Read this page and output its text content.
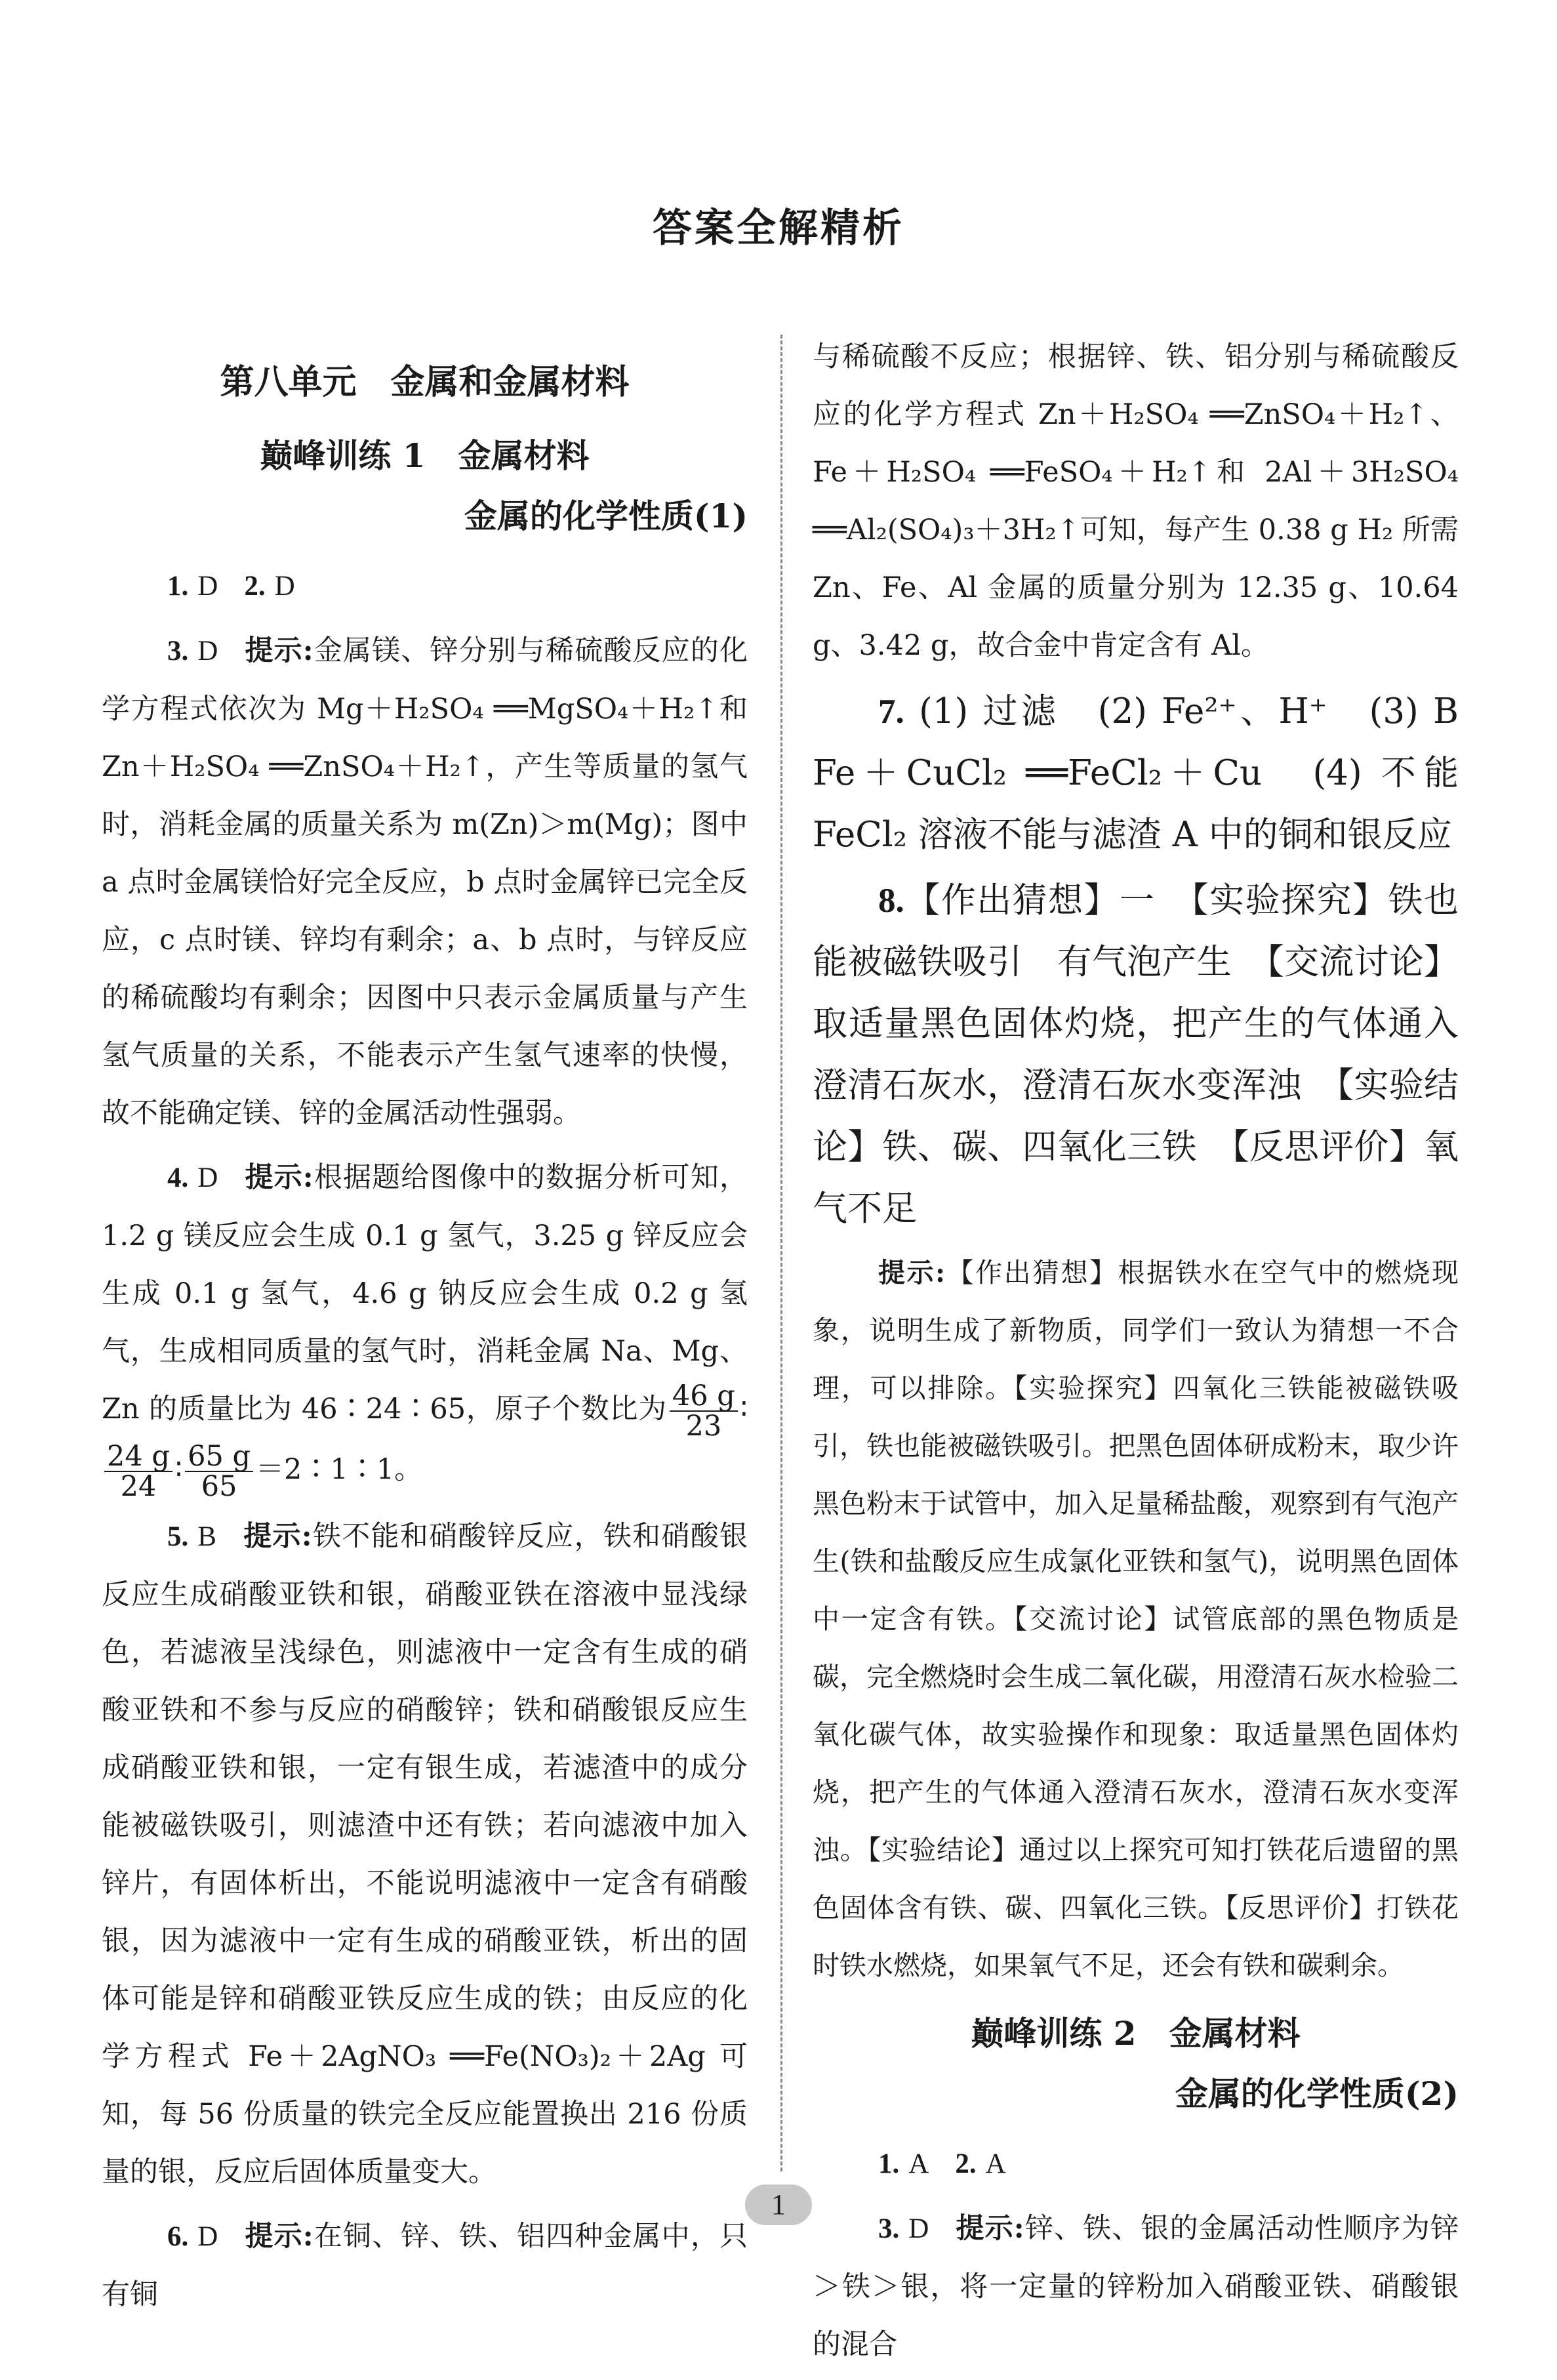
答案全解精析
第八单元　金属和金属材料
巅峰训练 1　金属材料
金属的化学性质(1)

1. D 2. D

3. D 提示:金属镁、锌分别与稀硫酸反应的化学方程式依次为 Mg＋H₂SO₄ ══MgSO₄＋H₂↑和 Zn＋H₂SO₄ ══ZnSO₄＋H₂↑，产生等质量的氢气时，消耗金属的质量关系为 m(Zn)＞m(Mg)；图中 a 点时金属镁恰好完全反应，b 点时金属锌已完全反应，c 点时镁、锌均有剩余；a、b 点时，与锌反应的稀硫酸均有剩余；因图中只表示金属质量与产生氢气质量的关系，不能表示产生氢气速率的快慢，故不能确定镁、锌的金属活动性强弱。

4. D 提示:根据题给图像中的数据分析可知，1.2 g 镁反应会生成 0.1 g 氢气，3.25 g 锌反应会生成 0.1 g 氢气，4.6 g 钠反应会生成 0.2 g 氢气，生成相同质量的氢气时，消耗金属 Na、Mg、Zn 的质量比为 46∶24∶65，原子个数比为 $\frac{46 g}{23}$ ∶
$\frac{24 g}{24}$ ∶ $\frac{65 g}{65}$ ＝2∶1∶1。

5. B 提示:铁不能和硝酸锌反应，铁和硝酸银反应生成硝酸亚铁和银，硝酸亚铁在溶液中显浅绿色，若滤液呈浅绿色，则滤液中一定含有生成的硝酸亚铁和不参与反应的硝酸锌；铁和硝酸银反应生成硝酸亚铁和银，一定有银生成，若滤渣中的成分能被磁铁吸引，则滤渣中还有铁；若向滤液中加入锌片，有固体析出，不能说明滤液中一定含有硝酸银，因为滤液中一定有生成的硝酸亚铁，析出的固体可能是锌和硝酸亚铁反应生成的铁；由反应的化学方程式 Fe＋2AgNO₃ ══Fe(NO₃)₂＋2Ag 可知，每 56 份质量的铁完全反应能置换出 216 份质量的银，反应后固体质量变大。

6. D 提示:在铜、锌、铁、铝四种金属中，只有铜

与稀硫酸不反应；根据锌、铁、铝分别与稀硫酸反应的化学方程式 Zn＋H₂SO₄ ══ZnSO₄＋H₂↑、Fe＋H₂SO₄ ══FeSO₄＋H₂↑和 2Al＋3H₂SO₄ ══Al₂(SO₄)₃＋3H₂↑可知，每产生 0.38 g H₂ 所需 Zn、Fe、Al 金属的质量分别为 12.35 g、10.64 g、3.42 g，故合金中肯定含有 Al。

7. (1) 过滤　(2) Fe²⁺、H⁺　(3) B　Fe＋CuCl₂ ══FeCl₂＋Cu　(4) 不能　FeCl₂ 溶液不能与滤渣 A 中的铜和银反应

8.【作出猜想】一　【实验探究】铁也能被磁铁吸引　有气泡产生　【交流讨论】取适量黑色固体灼烧，把产生的气体通入澄清石灰水，澄清石灰水变浑浊　【实验结论】铁、碳、四氧化三铁　【反思评价】氧气不足

提示:【作出猜想】根据铁水在空气中的燃烧现象，说明生成了新物质，同学们一致认为猜想一不合理，可以排除。【实验探究】四氧化三铁能被磁铁吸引，铁也能被磁铁吸引。把黑色固体研成粉末，取少许黑色粉末于试管中，加入足量稀盐酸，观察到有气泡产生(铁和盐酸反应生成氯化亚铁和氢气)，说明黑色固体中一定含有铁。【交流讨论】试管底部的黑色物质是碳，完全燃烧时会生成二氧化碳，用澄清石灰水检验二氧化碳气体，故实验操作和现象：取适量黑色固体灼烧，把产生的气体通入澄清石灰水，澄清石灰水变浑浊。【实验结论】通过以上探究可知打铁花后遗留的黑色固体含有铁、碳、四氧化三铁。【反思评价】打铁花时铁水燃烧，如果氧气不足，还会有铁和碳剩余。

巅峰训练 2　金属材料
金属的化学性质(2)

1. A 2. A

3. D 提示:锌、铁、银的金属活动性顺序为锌＞铁＞银，将一定量的锌粉加入硝酸亚铁、硝酸银的混合

1
